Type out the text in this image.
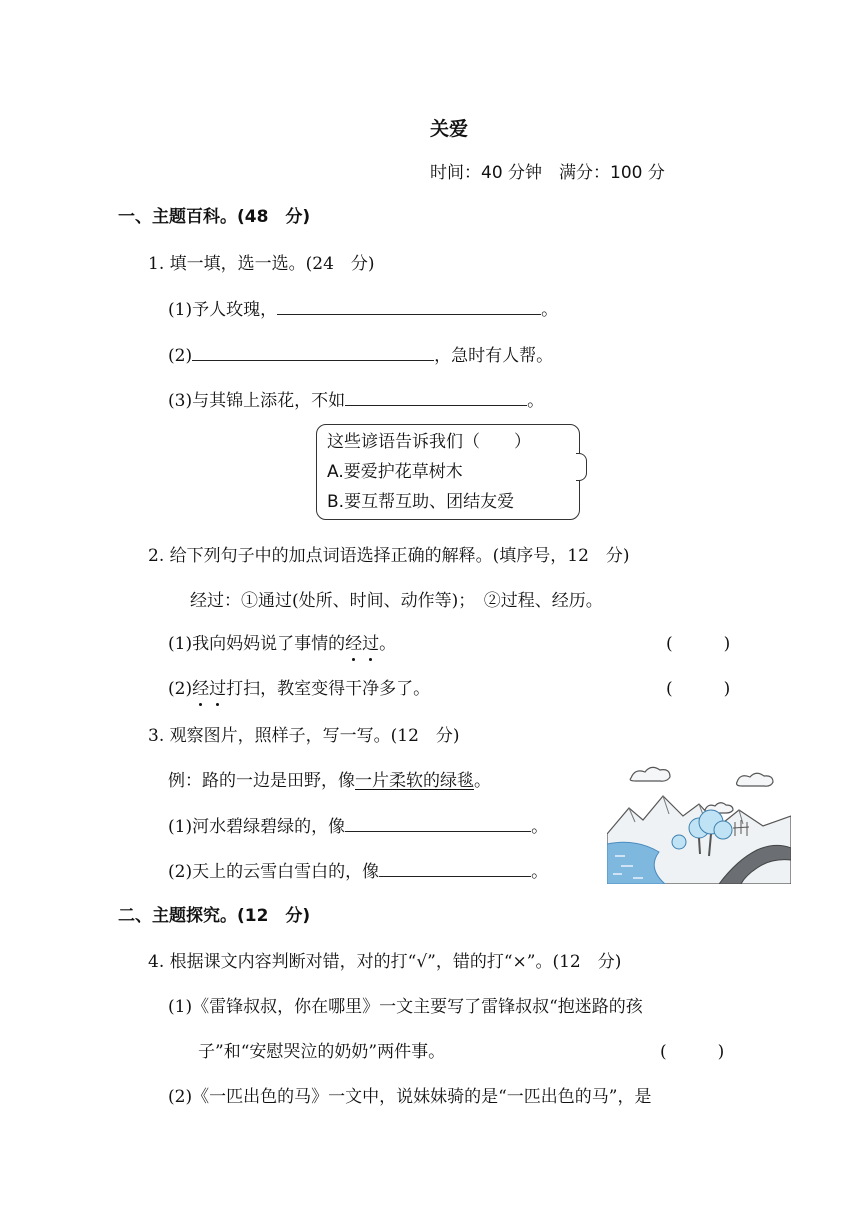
关爱
时间：40 分钟　满分：100 分
一、主题百科。(48　分)
1. 填一填，选一选。(24　分)
(1)予人玫瑰，	。
(2)	，急时有人帮。
(3)与其锦上添花，不如	。
这些谚语告诉我们（　　）
A.要爱护花草树木
B.要互帮互助、团结友爱
2. 给下列句子中的加点词语选择正确的解释。(填序号，12　分)
经过：①通过(处所、时间、动作等)；　②过程、经历。
(1)我向妈妈说了事情的经过。	(　　　)
(2)经过打扫，教室变得干净多了。	(　　　)
3. 观察图片，照样子，写一写。(12　分)
例：路的一边是田野，像一片柔软的绿毯。
(1)河水碧绿碧绿的，像	。
(2)天上的云雪白雪白的，像	。
二、主题探究。(12　分)
4. 根据课文内容判断对错，对的打“√”，错的打“×”。(12　分)
(1)《雷锋叔叔，你在哪里》一文主要写了雷锋叔叔“抱迷路的孩
子”和“安慰哭泣的奶奶”两件事。	(　　　)
(2)《一匹出色的马》一文中，说妹妹骑的是“一匹出色的马”，是
